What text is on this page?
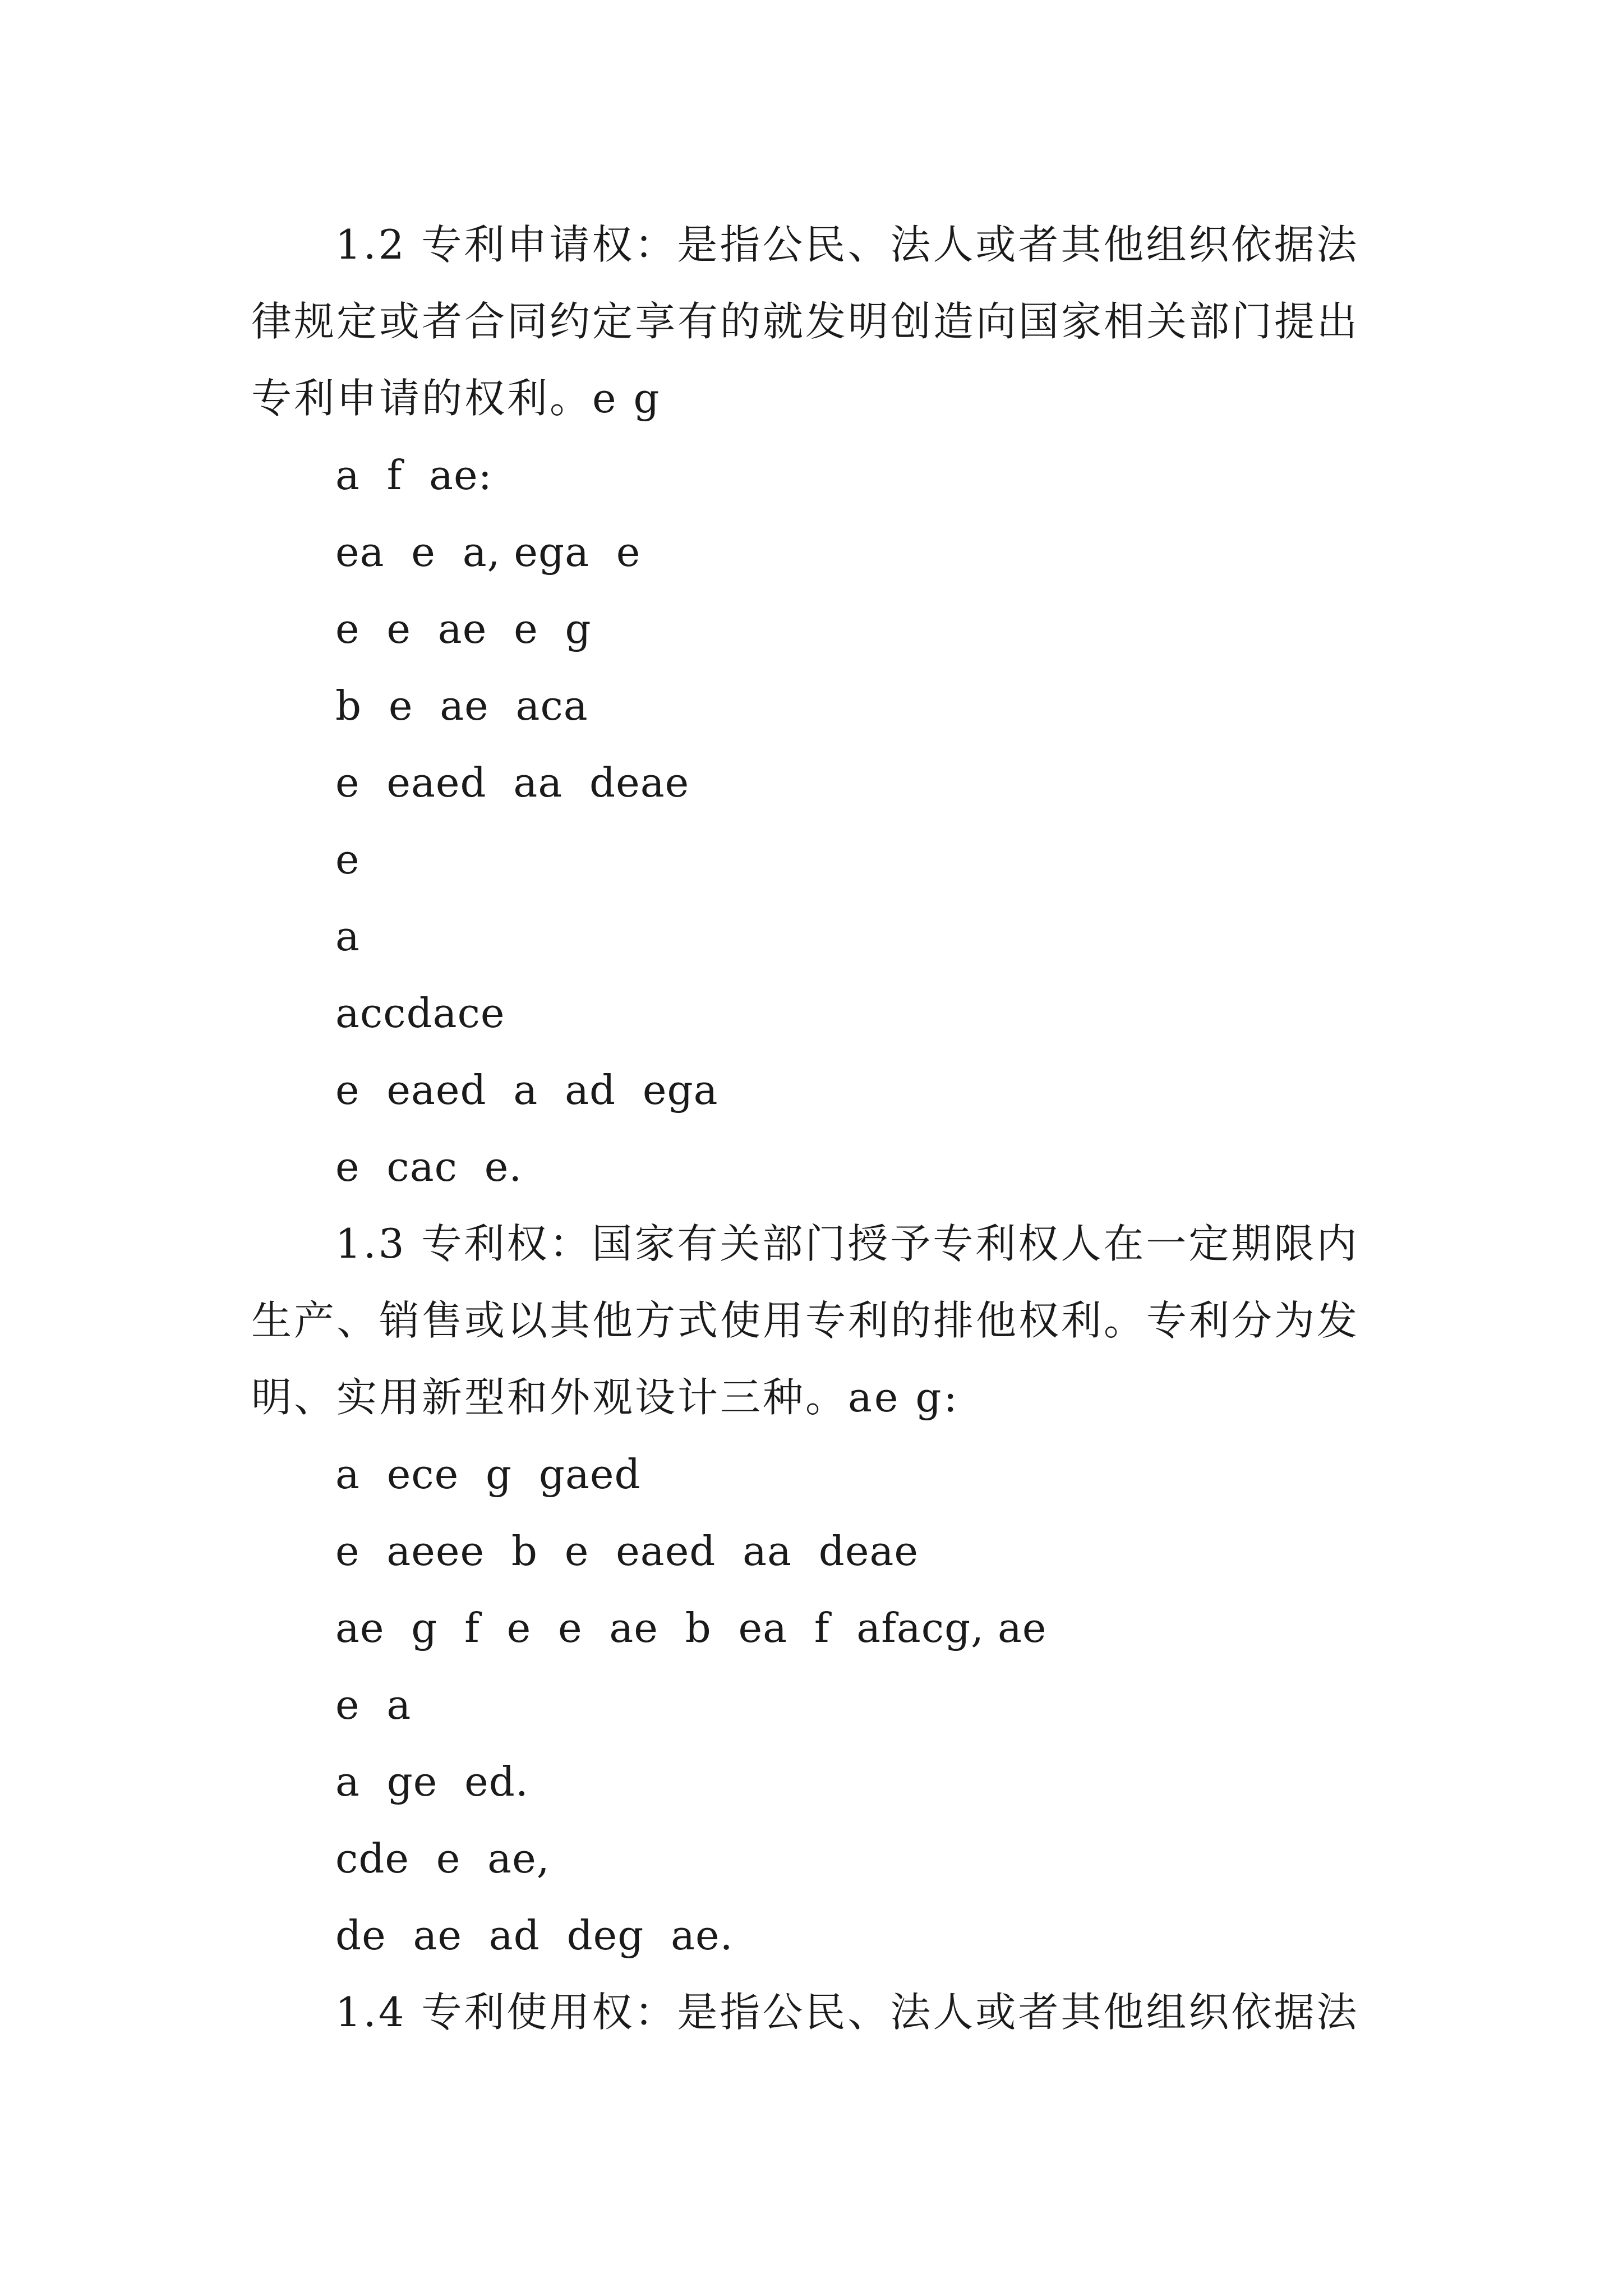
1.2 专利申请权：是指公民、法人或者其他组织依据法律规定或者合同约定享有的就发明创造向国家相关部门提出专利申请的权利。e g

a  f  ae:

ea  e  a, ega  e

e  e  ae  e  g

b  e  ae  aca

e  eaed  aa  deae

e

a

accdace

e  eaed  a  ad  ega

e  cac  e.

1.3 专利权：国家有关部门授予专利权人在一定期限内生产、销售或以其他方式使用专利的排他权利。专利分为发明、实用新型和外观设计三种。ae g:

a  ece  g  gaed

e  aeee  b  e  eaed  aa  deae

ae  g  f  e  e  ae  b  ea  f  afacg, ae

e  a

a  ge  ed.

cde  e  ae,

de  ae  ad  deg  ae.

1.4 专利使用权：是指公民、法人或者其他组织依据法
